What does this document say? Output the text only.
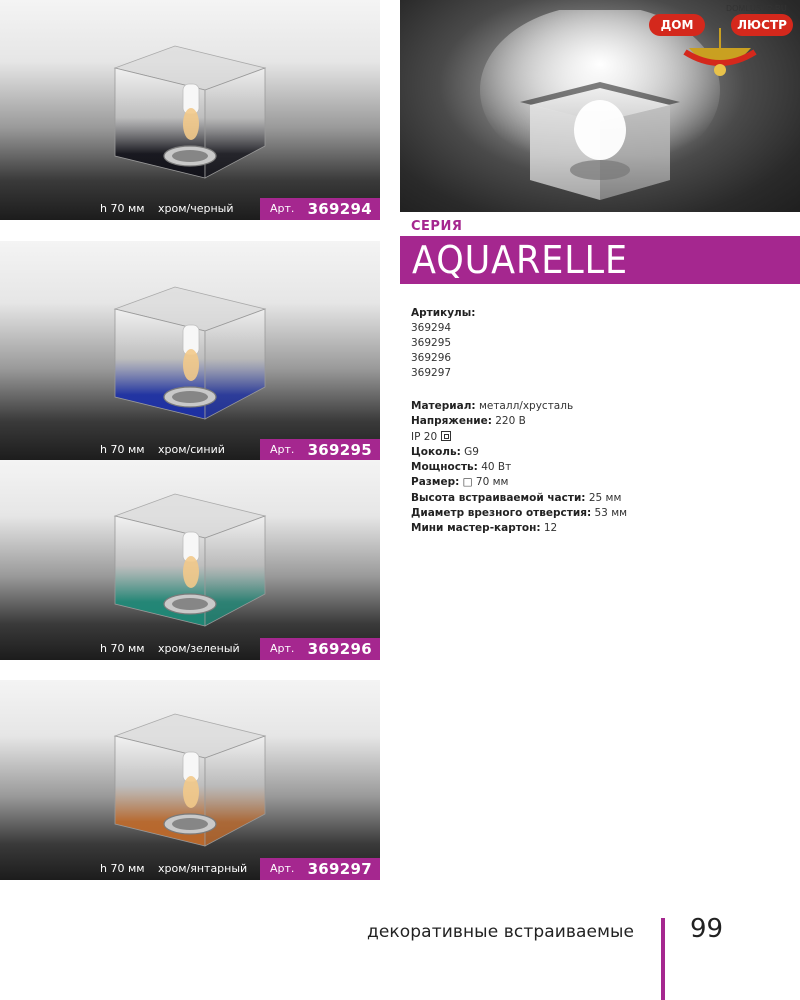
h 70 мм хром/черный	Арт. 369294
h 70 мм хром/синий	Арт. 369295
h 70 мм хром/зеленый	Арт. 369296
h 70 мм хром/янтарный Арт. 369297
DOMLUSTR.RU
ДОМ	ЛЮСТР
СЕРИЯ
AQUARELLE
Артикулы:
369294
369295
369296
369297
Материал: металл/хрусталь
Напряжение: 220 В
IP 20
Цоколь: G9
Мощность: 40 Вт
Размер: □ 70 мм
Высота встраиваемой части: 25 мм
Диаметр врезного отверстия: 53 мм
Мини мастер-картон: 12
декоративные встраиваемые 99
